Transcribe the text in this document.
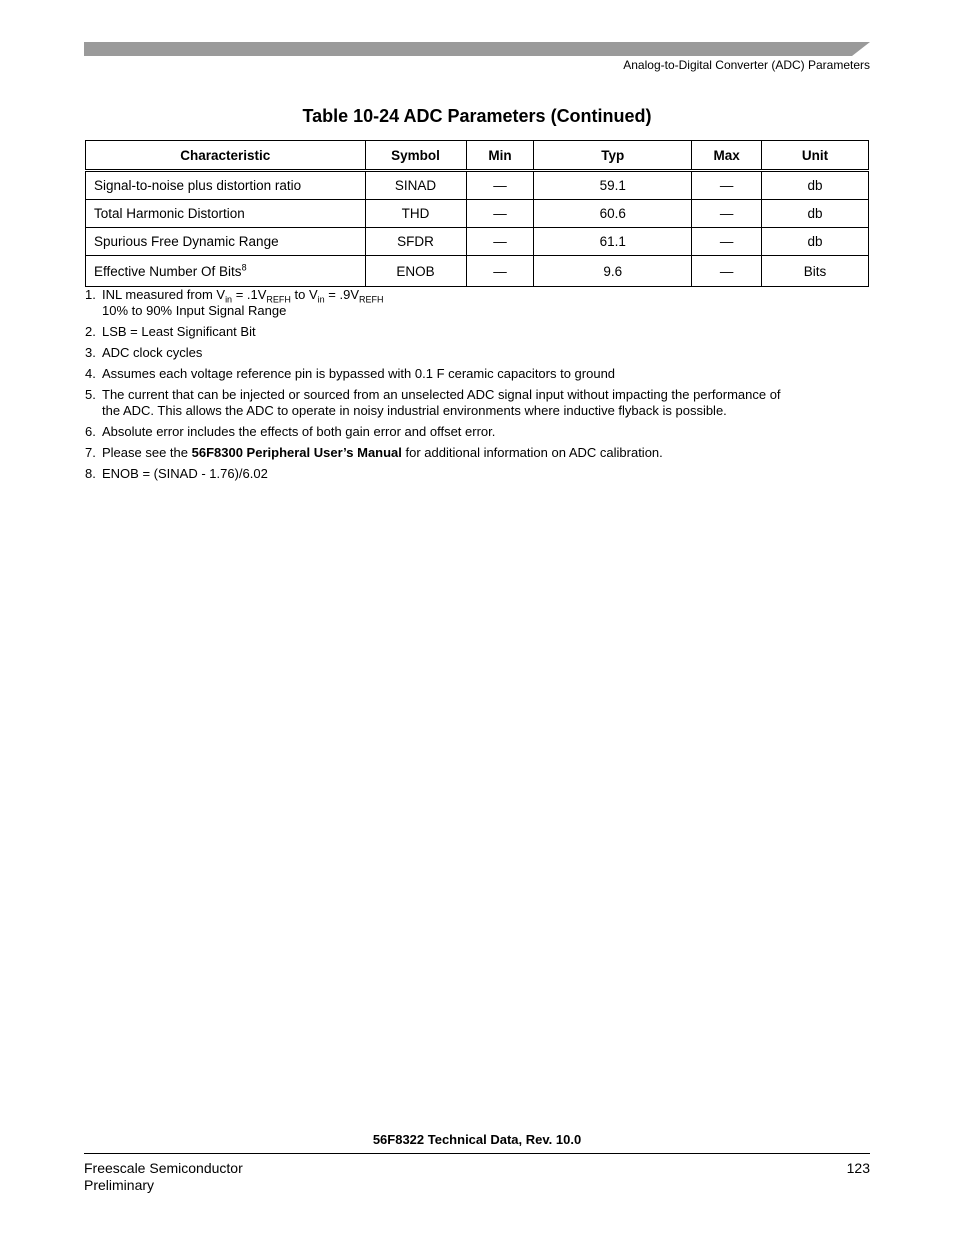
Analog-to-Digital Converter (ADC) Parameters
Table 10-24 ADC Parameters (Continued)
Characteristic	Symbol	Min	Typ	Max	Unit
Signal-to-noise plus distortion ratio	SINAD	—	59.1	—	db
Total Harmonic Distortion	THD	—	60.6	—	db
Spurious Free Dynamic Range	SFDR	—	61.1	—	db
Effective Number Of Bits$^8$	ENOB	—	9.6	—	Bits
1. INL measured from $V_{in} = .1V_{REFH}$ to $V_{in} = .9V_{REFH}$
10% to 90% Input Signal Range
2. LSB = Least Significant Bit
3. ADC clock cycles
4. Assumes each voltage reference pin is bypassed with 0.1 F ceramic capacitors to ground
5. The current that can be injected or sourced from an unselected ADC signal input without impacting the performance of
the ADC. This allows the ADC to operate in noisy industrial environments where inductive flyback is possible.
6. Absolute error includes the effects of both gain error and offset error.
7. Please see the 56F8300 Peripheral User’s Manual for additional information on ADC calibration.
8. ENOB = (SINAD - 1.76)/6.02
56F8322 Technical Data, Rev. 10.0
Freescale Semiconductor
Preliminary
123
